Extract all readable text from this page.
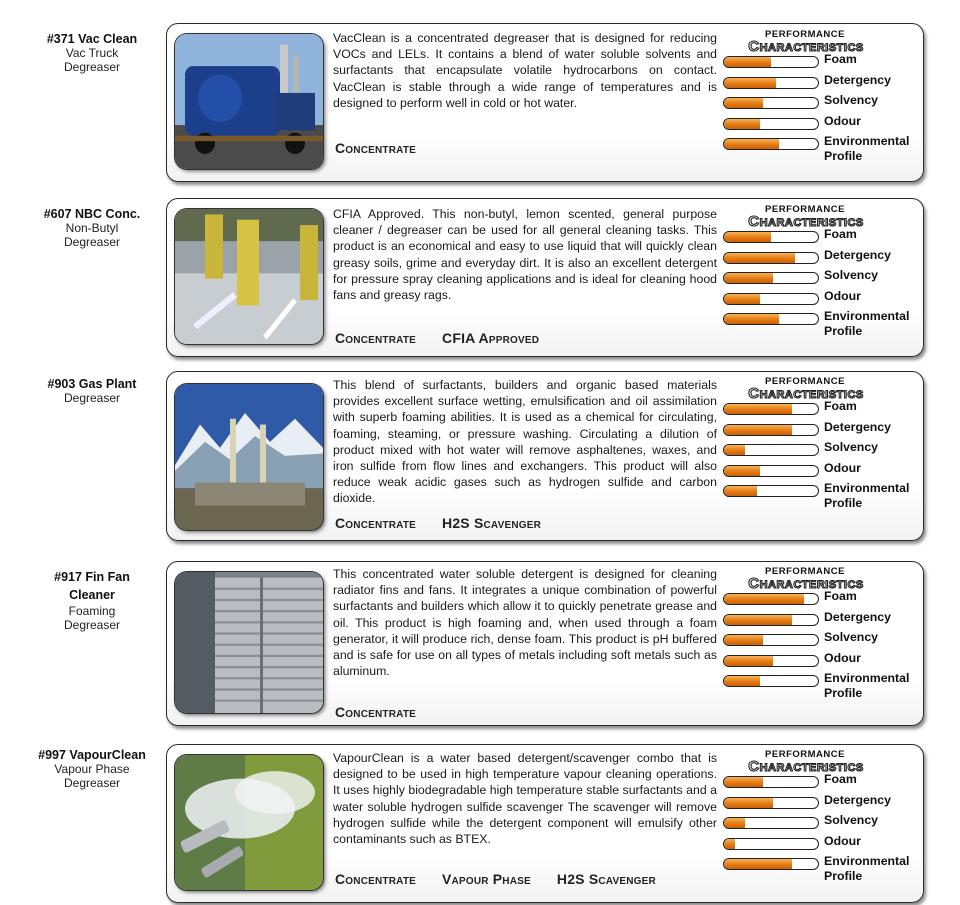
#371 Vac Clean
Vac Truck
Degreaser

VacClean is a concentrated degreaser that is designed for reducing VOCs and LELs. It contains a blend of water soluble solvents and surfactants that encapsulate volatile hydrocarbons on contact. VacClean is stable through a wide range of temperatures and is designed to perform well in cold or hot water.

Concentrate
PERFORMANCE
Characteristics
Foam
Detergency
Solvency
Odour
Environmental
Profile
#607 NBC Conc.
Non-Butyl
Degreaser

CFIA Approved. This non-butyl, lemon scented, general purpose cleaner / degreaser can be used for all general cleaning tasks. This product is an economical and easy to use liquid that will quickly clean greasy soils, grime and everyday dirt. It is also an excellent detergent for pressure spray cleaning applications and is ideal for cleaning hood fans and greasy rags.

Concentrate CFIA Approved
PERFORMANCE
Characteristics
Foam
Detergency
Solvency
Odour
Environmental
Profile
#903 Gas Plant
Degreaser

This blend of surfactants, builders and organic based materials provides excellent surface wetting, emulsification and oil assimilation with superb foaming abilities. It is used as a chemical for circulating, foaming, steaming, or pressure washing. Circulating a dilution of product mixed with hot water will remove asphaltenes, waxes, and iron sulfide from flow lines and exchangers. This product will also reduce weak acidic gases such as hydrogen sulfide and carbon dioxide.

Concentrate H2S Scavenger
PERFORMANCE
Characteristics
Foam
Detergency
Solvency
Odour
Environmental
Profile
#917 Fin Fan Cleaner
Foaming
Degreaser

This concentrated water soluble detergent is designed for cleaning radiator fins and fans. It integrates a unique combination of powerful surfactants and builders which allow it to quickly penetrate grease and oil. This product is high foaming and, when used through a foam generator, it will produce rich, dense foam. This product is pH buffered and is safe for use on all types of metals including soft metals such as aluminum.

Concentrate
PERFORMANCE
Characteristics
Foam
Detergency
Solvency
Odour
Environmental
Profile
#997 VapourClean
Vapour Phase
Degreaser

VapourClean is a water based detergent/scavenger combo that is designed to be used in high temperature vapour cleaning operations. It uses highly biodegradable high temperature stable surfactants and a water soluble hydrogen sulfide scavenger The scavenger will remove hydrogen sulfide while the detergent component will emulsify other contaminants such as BTEX.

Concentrate Vapour Phase H2S Scavenger
PERFORMANCE
Characteristics
Foam
Detergency
Solvency
Odour
Environmental
Profile
